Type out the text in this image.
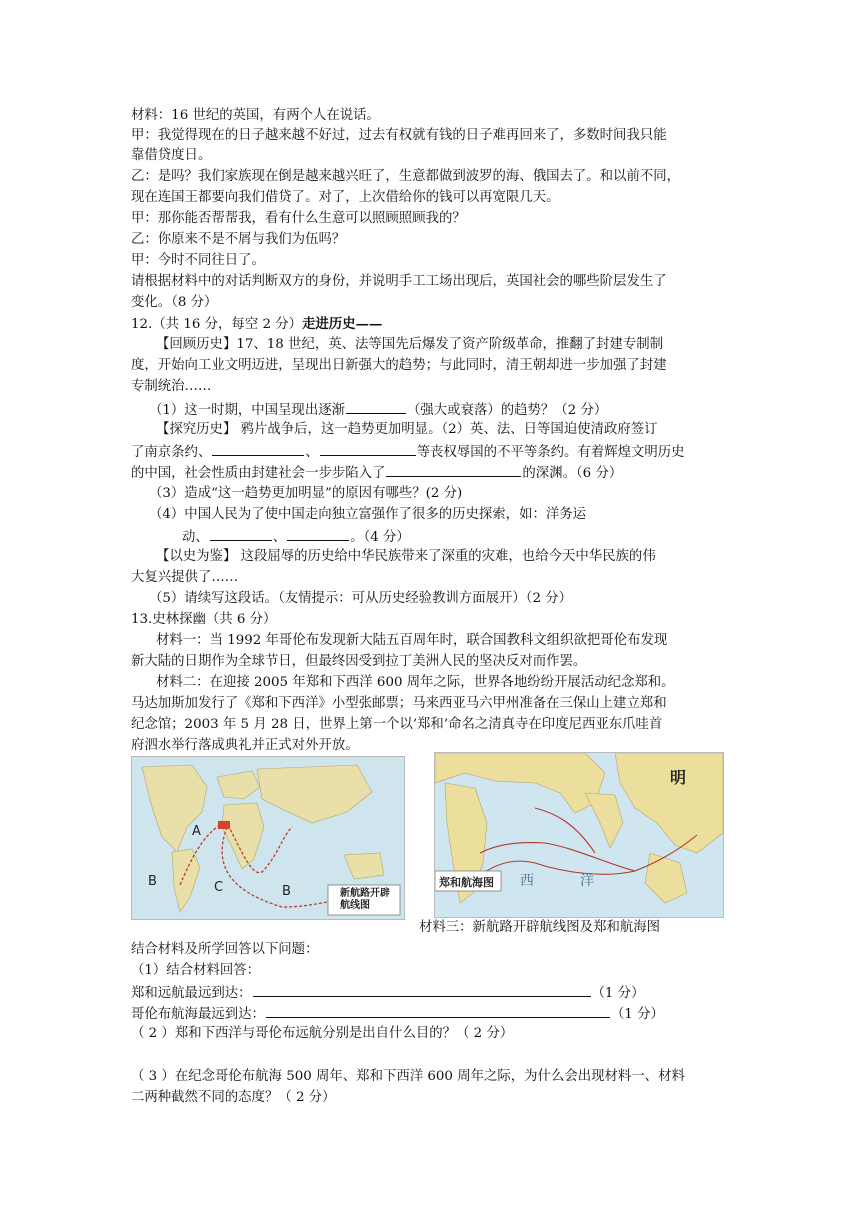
材料：16 世纪的英国，有两个人在说话。
甲：我觉得现在的日子越来越不好过，过去有权就有钱的日子难再回来了，多数时间我只能
靠借贷度日。
乙：是吗？我们家族现在倒是越来越兴旺了，生意都做到波罗的海、俄国去了。和以前不同，
现在连国王都要向我们借贷了。对了，上次借给你的钱可以再宽限几天。
甲：那你能否帮帮我，看有什么生意可以照顾照顾我的？
乙：你原来不是不屑与我们为伍吗？
甲：今时不同往日了。
请根据材料中的对话判断双方的身份，并说明手工工场出现后，英国社会的哪些阶层发生了
变化。（8 分）
12.（共 16 分，每空 2 分）走进历史——
【回顾历史】17、18 世纪，英、法等国先后爆发了资产阶级革命，推翻了封建专制制
度，开始向工业文明迈进，呈现出日新强大的趋势；与此同时，清王朝却进一步加强了封建
专制统治……
（1）这一时期，中国呈现出逐渐	（强大或衰落）的趋势？（2 分）
【探究历史】 鸦片战争后，这一趋势更加明显。（2）英、法、日等国迫使清政府签订
了南京条约、	、	等丧权辱国的不平等条约。有着辉煌文明历史
的中国，社会性质由封建社会一步步陷入了	的深渊。（6 分）
（3）造成“这一趋势更加明显”的原因有哪些？(2 分)
（4）中国人民为了使中国走向独立富强作了很多的历史探索，如：洋务运
动、	、	。（4 分）
【以史为鉴】 这段屈辱的历史给中华民族带来了深重的灾难，也给今天中华民族的伟
大复兴提供了……
（5）请续写这段话。（友情提示：可从历史经验教训方面展开）（2 分）
13.史林探幽（共 6 分）
材料一：当 1992 年哥伦布发现新大陆五百周年时，联合国教科文组织欲把哥伦布发现
新大陆的日期作为全球节日，但最终因受到拉丁美洲人民的坚决反对而作罢。
材料二：在迎接 2005 年郑和下西洋 600 周年之际，世界各地纷纷开展活动纪念郑和。
马达加斯加发行了《郑和下西洋》小型张邮票；马来西亚马六甲州准备在三保山上建立郑和
纪念馆；2003 年 5 月 28 日，世界上第一个以‘郑和’命名之清真寺在印度尼西亚东爪哇首
府泗水举行落成典礼并正式对外开放。
A
B	C	B	新航路开辟航线图
明
西	洋
郑和航海图
材料三：新航路开辟航线图及郑和航海图
结合材料及所学回答以下问题：
（1）结合材料回答：
郑和远航最远到达：	（1 分）
哥伦布航海最远到达：	（1 分）
（ 2 ）郑和下西洋与哥伦布远航分别是出自什么目的？（ 2 分）
（ 3 ）在纪念哥伦布航海 500 周年、郑和下西洋 600 周年之际，为什么会出现材料一、材料
二两种截然不同的态度？（ 2 分）
